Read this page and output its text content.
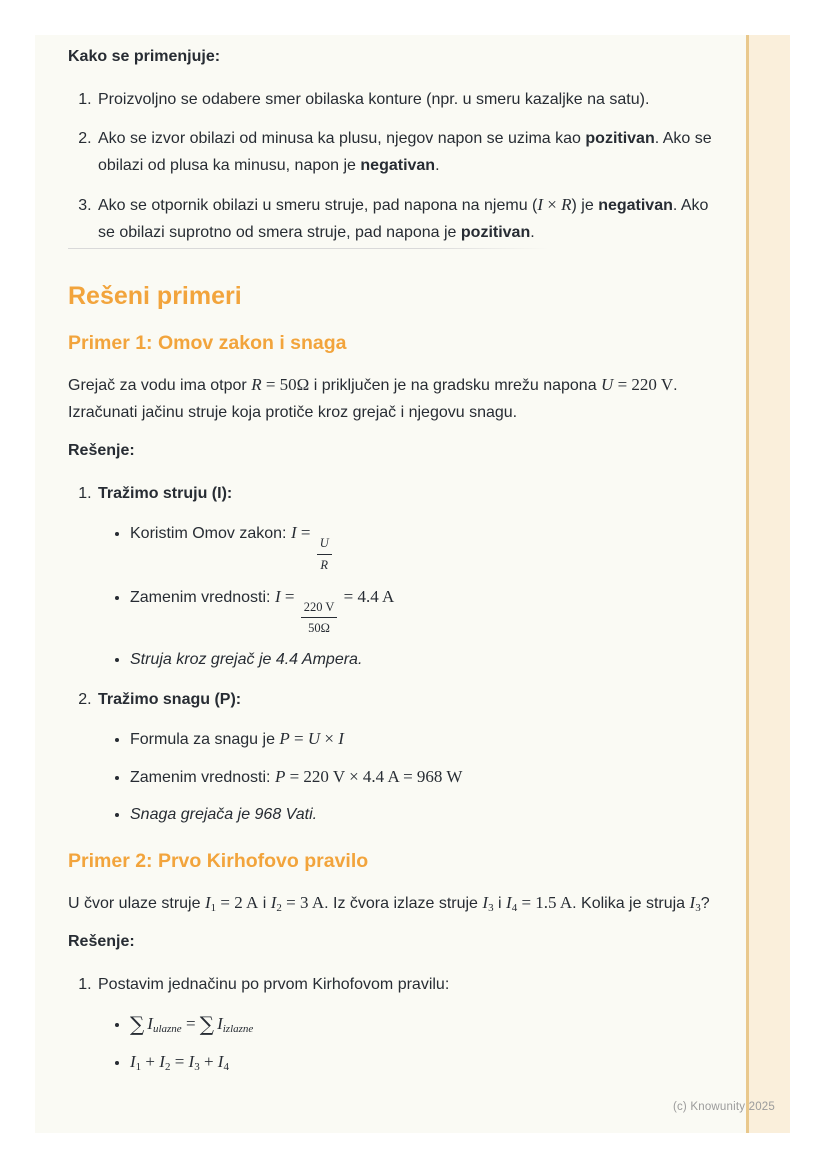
Kako se primenjuje:

1. Proizvoljno se odabere smer obilaska konture (npr. u smeru kazaljke na satu).
2. Ako se izvor obilazi od minusa ka plusu, njegov napon se uzima kao pozitivan. Ako se obilazi od plusa ka minusu, napon je negativan.
3. Ako se otpornik obilazi u smeru struje, pad napona na njemu (I × R) je negativan. Ako se obilazi suprotno od smera struje, pad napona je pozitivan.
Rešeni primeri
Primer 1: Omov zakon i snaga

Grejač za vodu ima otpor R = 50Ω i priključen je na gradsku mrežu napona U = 220 V. Izračunati jačinu struje koja protiče kroz grejač i njegovu snagu.

Rešenje:

1. Tražimo struju (I):
• Koristim Omov zakon: I =
$\frac{U}{R}$
• Zamenim vrednosti: I =
$\frac{220 V}{50\Omega}$
= 4.4 A
• Struja kroz grejač je 4.4 Ampera.
2. Tražimo snagu (P):
• Formula za snagu je P = U × I
• Zamenim vrednosti: P = 220 V × 4.4 A = 968 W
• Snaga grejača je 968 Vati.
Primer 2: Prvo Kirhofovo pravilo

U čvor ulaze struje $I_1 = 2$ A i $I_2 = 3$ A. Iz čvora izlaze struje $I_3$ i $I_4 = 1.5$ A. Kolika je struja $I_3$?

Rešenje:

1. Postavim jednačinu po prvom Kirhofovom pravilu:
• ∑ $I_{ulazne}$ = ∑ $I_{izlazne}$
• $I_1 + I_2 = I_3 + I_4$
(c) Knowunity 2025
